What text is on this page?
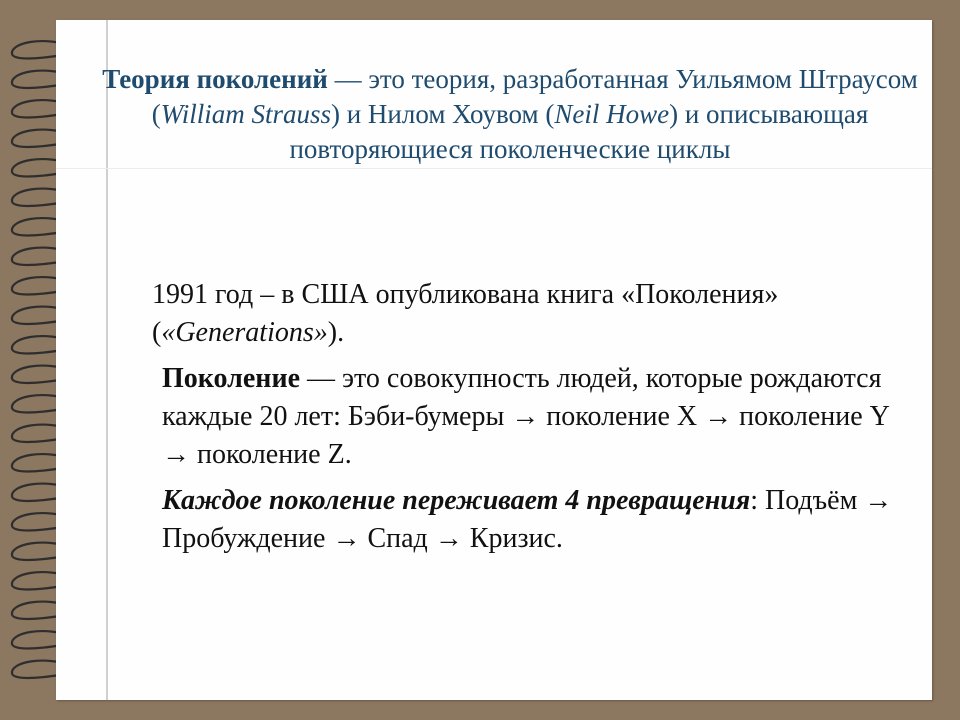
Теория поколений — это теория, разработанная Уильямом Штраусом (William Strauss) и Нилом Хоувом (Neil Howe) и описывающая повторяющиеся поколенческие циклы

1991 год – в США опубликована книга «Поколения» («Generations»).

Поколение — это совокупность людей, которые рождаются каждые 20 лет: Бэби-бумеры → поколение X → поколение Y → поколение Z.

Каждое поколение переживает 4 превращения: Подъём → Пробуждение → Спад → Кризис.
